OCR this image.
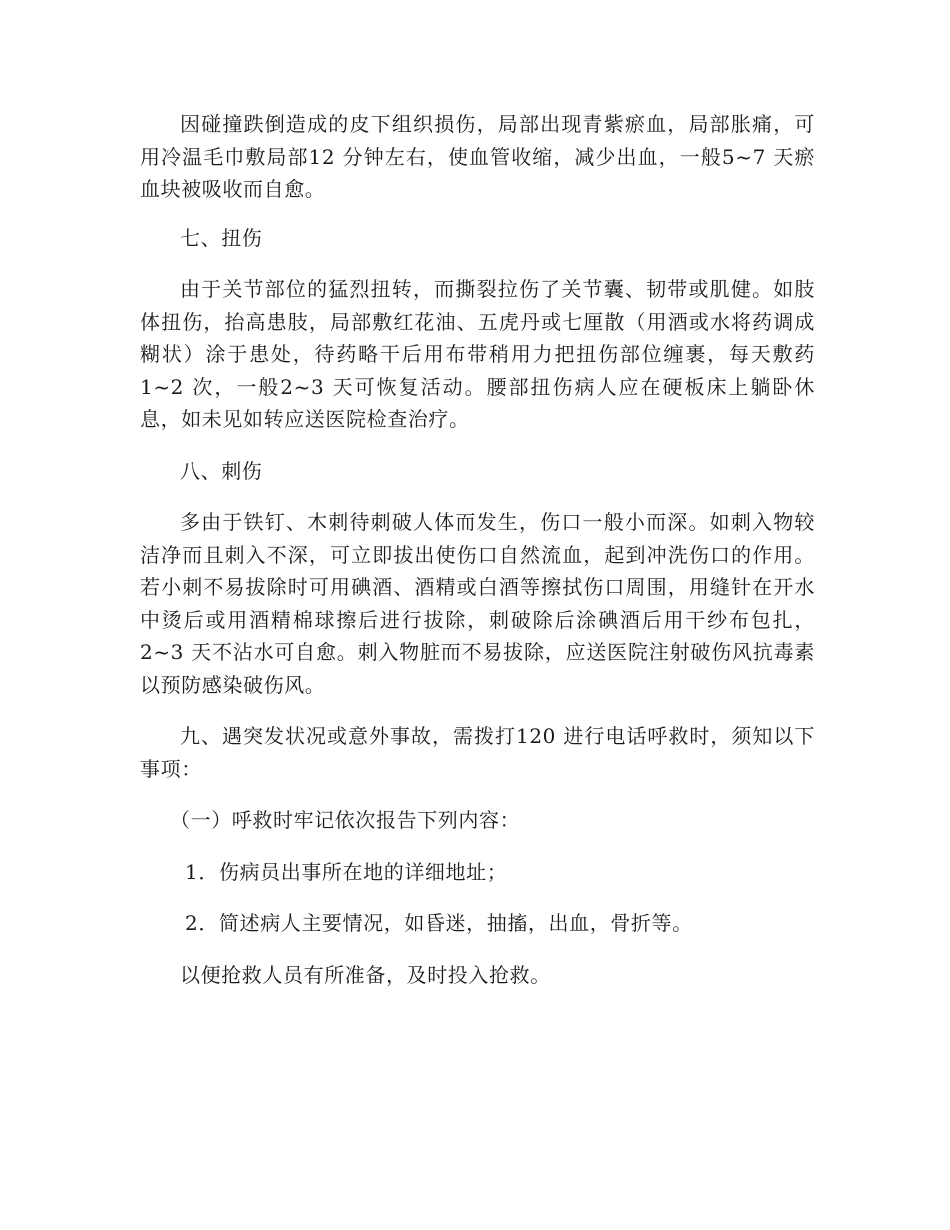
因碰撞跌倒造成的皮下组织损伤，局部出现青紫瘀血，局部胀痛，可用冷温毛巾敷局部12 分钟左右，使血管收缩，减少出血，一般5~7 天瘀血块被吸收而自愈。

七、扭伤

由于关节部位的猛烈扭转，而撕裂拉伤了关节囊、韧带或肌健。如肢体扭伤，抬高患肢，局部敷红花油、五虎丹或七厘散（用酒或水将药调成糊状）涂于患处，待药略干后用布带稍用力把扭伤部位缠裹，每天敷药1~2 次，一般2~3 天可恢复活动。腰部扭伤病人应在硬板床上躺卧休息，如未见如转应送医院检查治疗。

八、刺伤

多由于铁钉、木刺待刺破人体而发生，伤口一般小而深。如刺入物较洁净而且刺入不深，可立即拔出使伤口自然流血，起到冲洗伤口的作用。若小刺不易拔除时可用碘酒、酒精或白酒等擦拭伤口周围，用缝针在开水中烫后或用酒精棉球擦后进行拔除，刺破除后涂碘酒后用干纱布包扎，2~3 天不沾水可自愈。刺入物脏而不易拔除，应送医院注射破伤风抗毒素以预防感染破伤风。

九、遇突发状况或意外事故，需拨打120 进行电话呼救时，须知以下事项：

（一）呼救时牢记依次报告下列内容：

1．伤病员出事所在地的详细地址；

2．简述病人主要情况，如昏迷，抽搐，出血，骨折等。

以便抢救人员有所准备，及时投入抢救。
